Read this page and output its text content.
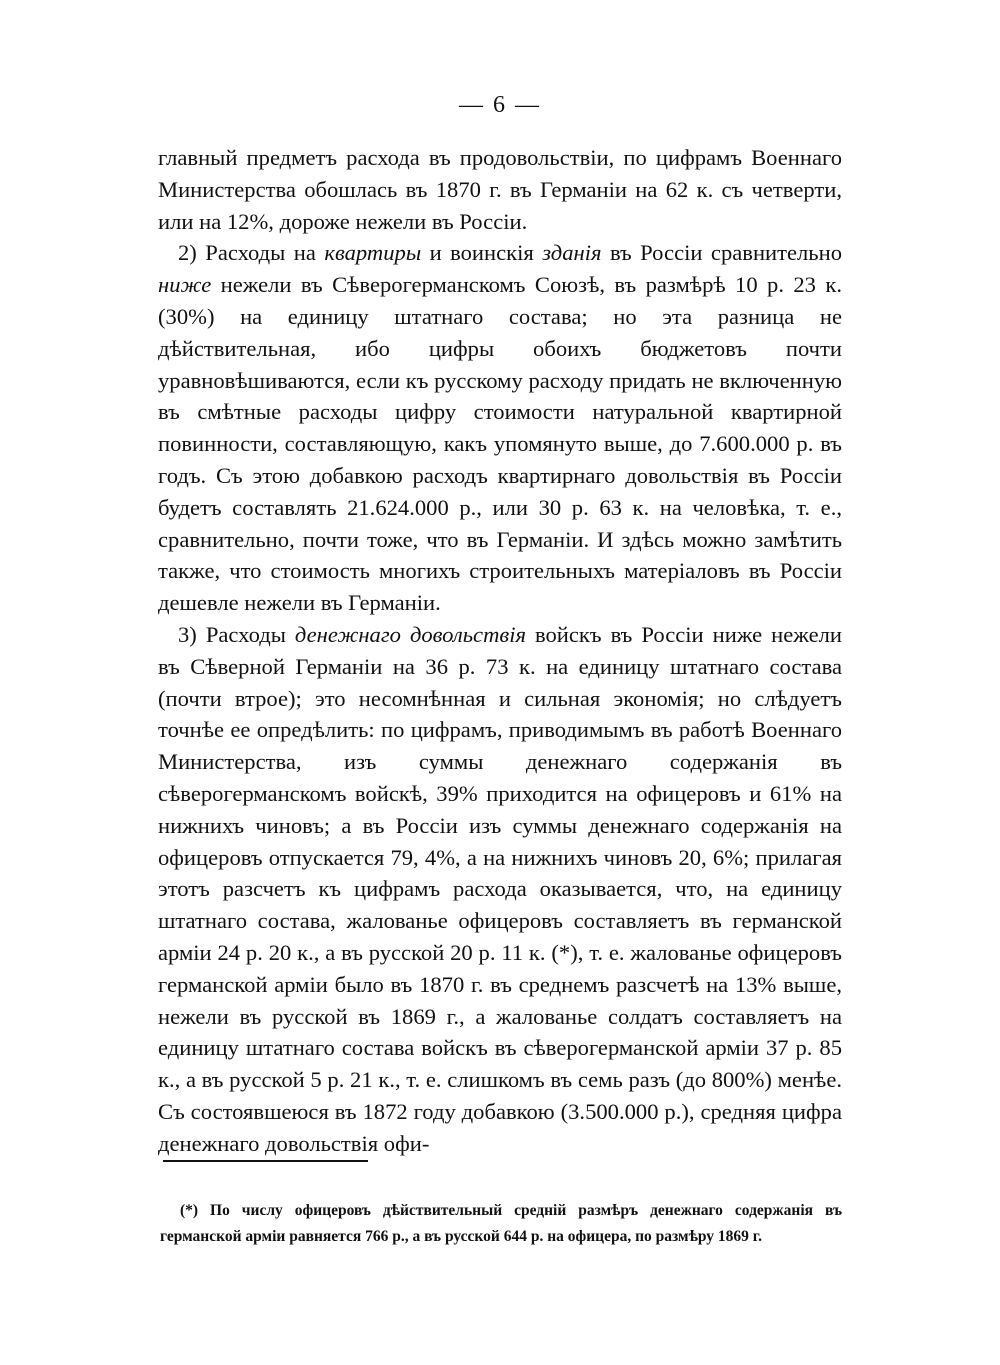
— 6 —

главный предметъ расхода въ продовольствіи, по цифрамъ Военнаго Министерства обошлась въ 1870 г. въ Германіи на 62 к. съ четверти, или на 12%, дороже нежели въ Россіи.

2) Расходы на квартиры и воинскія зданія въ Россіи сравнительно ниже нежели въ Сѣверогерманскомъ Союзѣ, въ размѣрѣ 10 р. 23 к. (30%) на единицу штатнаго состава; но эта разница не дѣйствительная, ибо цифры обоихъ бюджетовъ почти уравновѣшиваются, если къ русскому расходу придать не включенную въ смѣтные расходы цифру стоимости натуральной квартирной повинности, составляющую, какъ упомянуто выше, до 7.600.000 р. въ годъ. Съ этою добавкою расходъ квартирнаго довольствія въ Россіи будетъ составлять 21.624.000 р., или 30 р. 63 к. на человѣка, т. е., сравнительно, почти тоже, что въ Германіи. И здѣсь можно замѣтить также, что стоимость многихъ строительныхъ матеріаловъ въ Россіи дешевле нежели въ Германіи.

3) Расходы денежнаго довольствія войскъ въ Россіи ниже нежели въ Сѣверной Германіи на 36 р. 73 к. на единицу штатнаго состава (почти втрое); это несомнѣнная и сильная экономія; но слѣдуетъ точнѣе ее опредѣлить: по цифрамъ, приводимымъ въ работѣ Военнаго Министерства, изъ суммы денежнаго содержанія въ сѣверогерманскомъ войскѣ, 39% приходится на офицеровъ и 61% на нижнихъ чиновъ; а въ Россіи изъ суммы денежнаго содержанія на офицеровъ отпускается 79, 4%, а на нижнихъ чиновъ 20, 6%; прилагая этотъ разсчетъ къ цифрамъ расхода оказывается, что, на единицу штатнаго состава, жалованье офицеровъ составляетъ въ германской арміи 24 р. 20 к., а въ русской 20 р. 11 к. (*), т. е. жалованье офицеровъ германской арміи было въ 1870 г. въ среднемъ разсчетѣ на 13% выше, нежели въ русской въ 1869 г., а жалованье солдатъ составляетъ на единицу штатнаго состава войскъ въ сѣверогерманской арміи 37 р. 85 к., а въ русской 5 р. 21 к., т. е. слишкомъ въ семь разъ (до 800%) менѣе. Съ состоявшеюся въ 1872 году добавкою (3.500.000 р.), средняя цифра денежнаго довольствія офи-

(*) По числу офицеровъ дѣйствительный средній размѣръ денежнаго содержанія въ германской арміи равняется 766 р., а въ русской 644 р. на офицера, по размѣру 1869 г.
